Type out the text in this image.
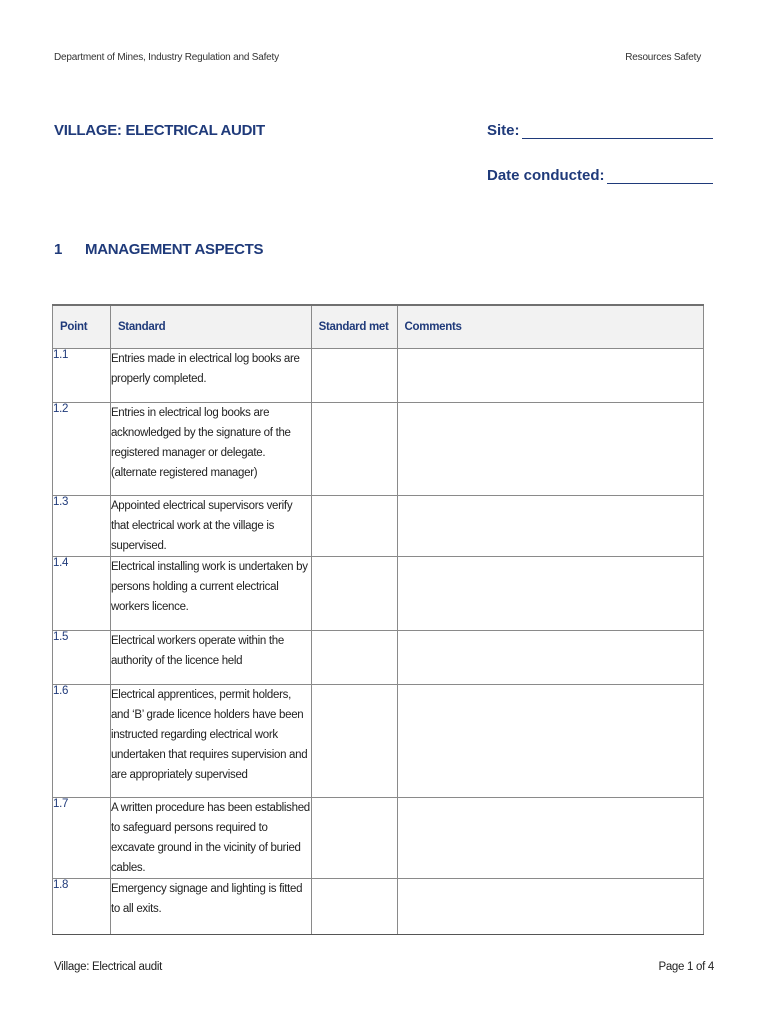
Department of Mines, Industry Regulation and Safety	Resources Safety
VILLAGE: ELECTRICAL AUDIT	Site:
Date conducted:
1	MANAGEMENT ASPECTS
Point	Standard	Standard met	Comments
1.1	Entries made in electrical log books are properly completed.		
1.2	Entries in electrical log books are acknowledged by the signature of the registered manager or delegate. (alternate registered manager)		
1.3	Appointed electrical supervisors verify that electrical work at the village is supervised.		
1.4	Electrical installing work is undertaken by persons holding a current electrical workers licence.		
1.5	Electrical workers operate within the authority of the licence held		
1.6	Electrical apprentices, permit holders, and ‘B’ grade licence holders have been instructed regarding electrical work undertaken that requires supervision and are appropriately supervised		
1.7	A written procedure has been established to safeguard persons required to excavate ground in the vicinity of buried cables.		
1.8	Emergency signage and lighting is fitted to all exits.		
Village: Electrical audit	Page 1 of 4
